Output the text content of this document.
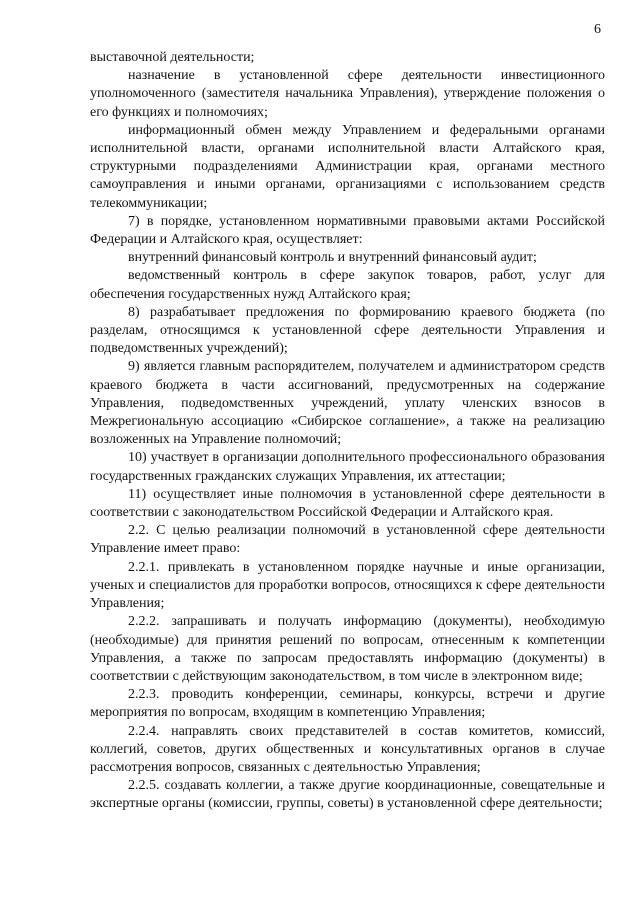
6

выставочной деятельности;

назначение в установленной сфере деятельности инвестиционного уполномоченного (заместителя начальника Управления), утверждение положения о его функциях и полномочиях;

информационный обмен между Управлением и федеральными органами исполнительной власти, органами исполнительной власти Алтайского края, структурными подразделениями Администрации края, органами местного самоуправления и иными органами, организациями с использованием средств телекоммуникации;

7) в порядке, установленном нормативными правовыми актами Российской Федерации и Алтайского края, осуществляет:

внутренний финансовый контроль и внутренний финансовый аудит;

ведомственный контроль в сфере закупок товаров, работ, услуг для обеспечения государственных нужд Алтайского края;

8) разрабатывает предложения по формированию краевого бюджета (по разделам, относящимся к установленной сфере деятельности Управления и подведомственных учреждений);

9) является главным распорядителем, получателем и администратором средств краевого бюджета в части ассигнований, предусмотренных на содержание Управления, подведомственных учреждений, уплату членских взносов в Межрегиональную ассоциацию «Сибирское соглашение», а также на реализацию возложенных на Управление полномочий;

10) участвует в организации дополнительного профессионального образования государственных гражданских служащих Управления, их аттестации;

11) осуществляет иные полномочия в установленной сфере деятельности в соответствии с законодательством Российской Федерации и Алтайского края.

2.2. С целью реализации полномочий в установленной сфере деятельности Управление имеет право:

2.2.1. привлекать в установленном порядке научные и иные организации, ученых и специалистов для проработки вопросов, относящихся к сфере деятельности Управления;

2.2.2. запрашивать и получать информацию (документы), необходимую (необходимые) для принятия решений по вопросам, отнесенным к компетенции Управления, а также по запросам предоставлять информацию (документы) в соответствии с действующим законодательством, в том числе в электронном виде;

2.2.3. проводить конференции, семинары, конкурсы, встречи и другие мероприятия по вопросам, входящим в компетенцию Управления;

2.2.4. направлять своих представителей в состав комитетов, комиссий, коллегий, советов, других общественных и консультативных органов в случае рассмотрения вопросов, связанных с деятельностью Управления;

2.2.5. создавать коллегии, а также другие координационные, совещательные и экспертные органы (комиссии, группы, советы) в установленной сфере деятельности;
